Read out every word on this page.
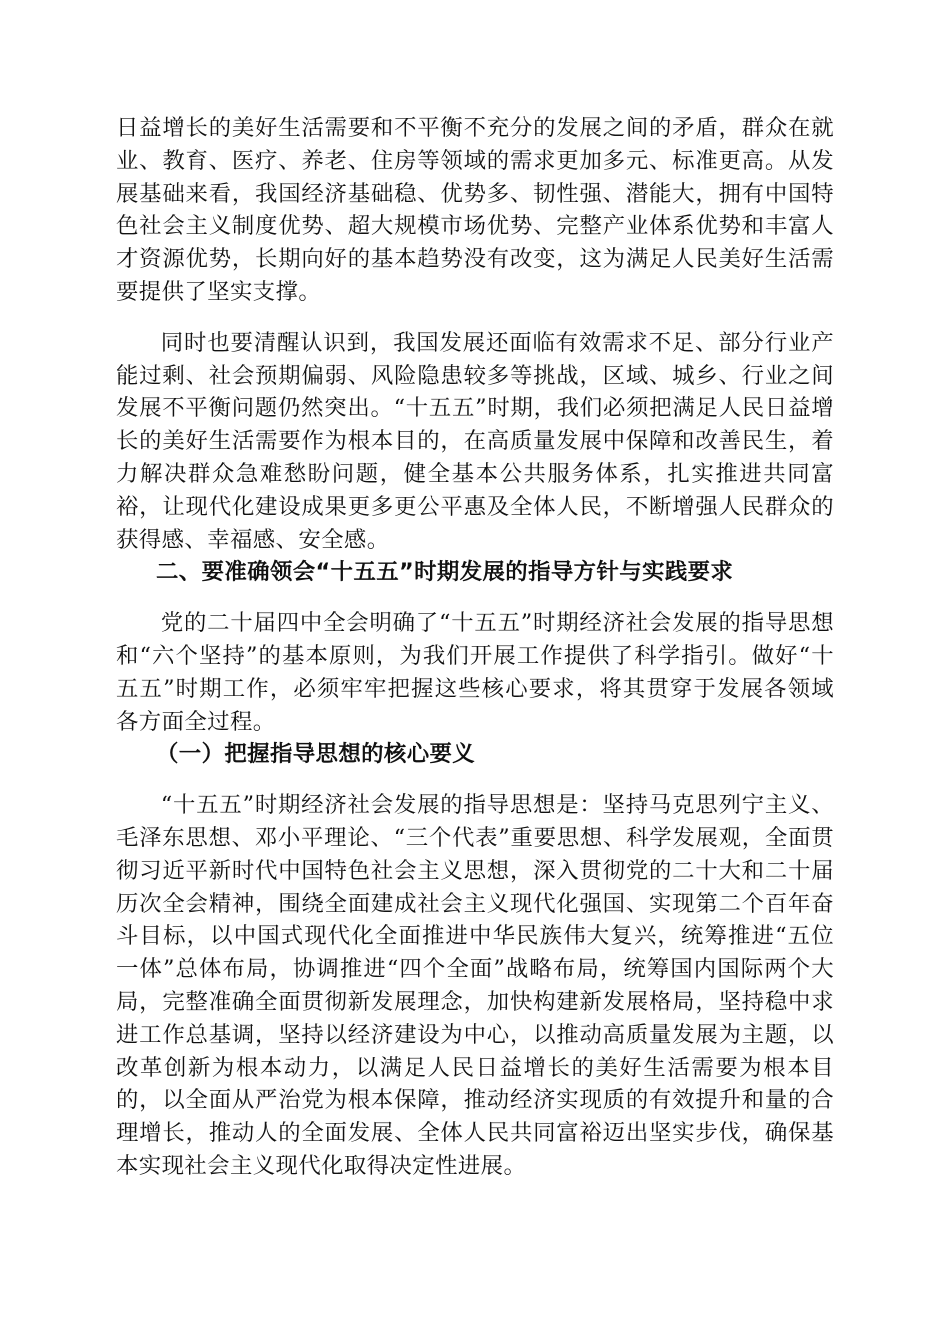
日益增长的美好生活需要和不平衡不充分的发展之间的矛盾，群众在就业、教育、医疗、养老、住房等领域的需求更加多元、标准更高。从发展基础来看，我国经济基础稳、优势多、韧性强、潜能大，拥有中国特色社会主义制度优势、超大规模市场优势、完整产业体系优势和丰富人才资源优势，长期向好的基本趋势没有改变，这为满足人民美好生活需要提供了坚实支撑。

同时也要清醒认识到，我国发展还面临有效需求不足、部分行业产能过剩、社会预期偏弱、风险隐患较多等挑战，区域、城乡、行业之间发展不平衡问题仍然突出。“十五五”时期，我们必须把满足人民日益增长的美好生活需要作为根本目的，在高质量发展中保障和改善民生，着力解决群众急难愁盼问题，健全基本公共服务体系，扎实推进共同富裕，让现代化建设成果更多更公平惠及全体人民，不断增强人民群众的获得感、幸福感、安全感。

二、要准确领会“十五五”时期发展的指导方针与实践要求

党的二十届四中全会明确了“十五五”时期经济社会发展的指导思想和“六个坚持”的基本原则，为我们开展工作提供了科学指引。做好“十五五”时期工作，必须牢牢把握这些核心要求，将其贯穿于发展各领域各方面全过程。

（一）把握指导思想的核心要义

“十五五”时期经济社会发展的指导思想是：坚持马克思列宁主义、毛泽东思想、邓小平理论、“三个代表”重要思想、科学发展观，全面贯彻习近平新时代中国特色社会主义思想，深入贯彻党的二十大和二十届历次全会精神，围绕全面建成社会主义现代化强国、实现第二个百年奋斗目标，以中国式现代化全面推进中华民族伟大复兴，统筹推进“五位一体”总体布局，协调推进“四个全面”战略布局，统筹国内国际两个大局，完整准确全面贯彻新发展理念，加快构建新发展格局，坚持稳中求进工作总基调，坚持以经济建设为中心，以推动高质量发展为主题，以改革创新为根本动力，以满足人民日益增长的美好生活需要为根本目的，以全面从严治党为根本保障，推动经济实现质的有效提升和量的合理增长，推动人的全面发展、全体人民共同富裕迈出坚实步伐，确保基本实现社会主义现代化取得决定性进展。
